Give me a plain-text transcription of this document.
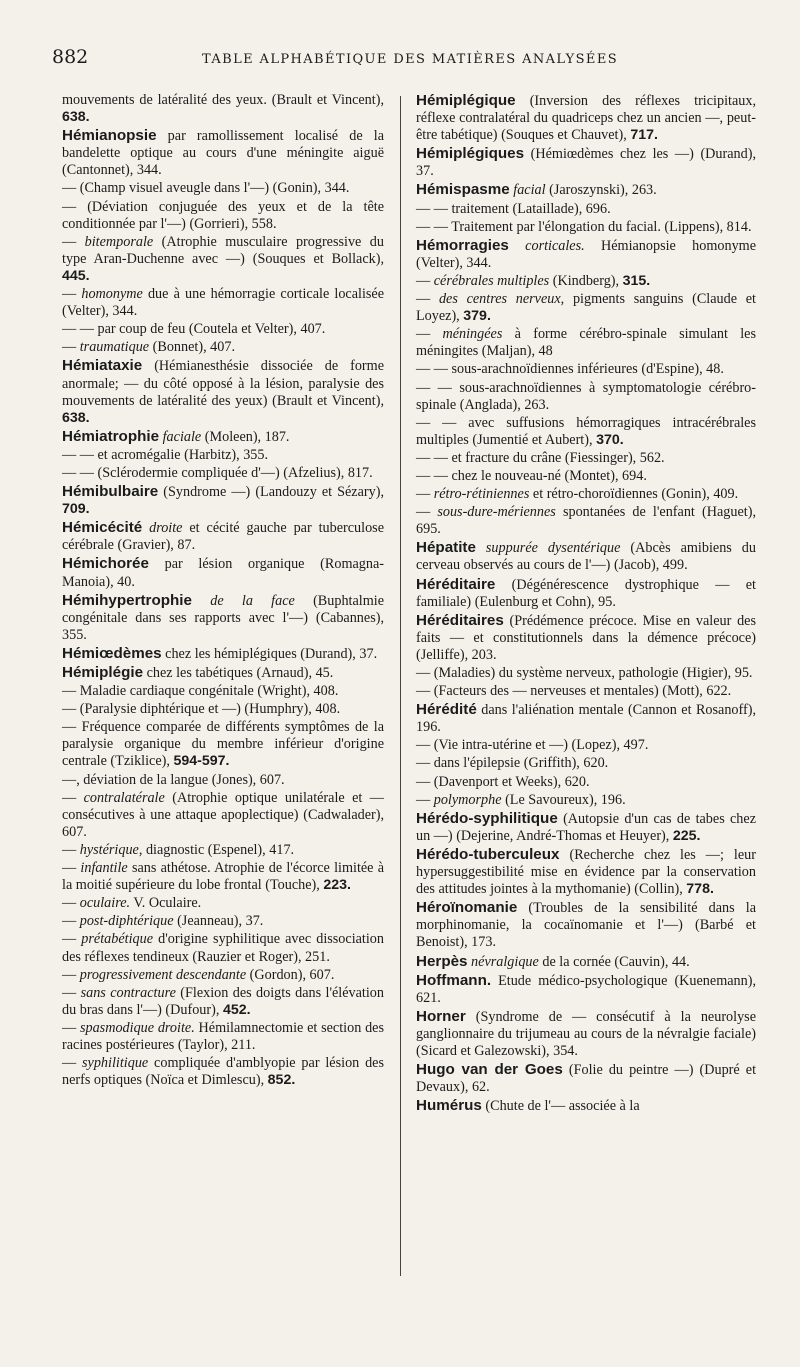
882	TABLE ALPHABÉTIQUE DES MATIÈRES ANALYSÉES
mouvements de latéralité des yeux. (Brault et Vincent), 638.
Hémianopsie par ramollissement localisé de la bandelette optique au cours d'une méningite aiguë (Cantonnet), 344.
— (Champ visuel aveugle dans l'—) (Gonin), 344.
— (Déviation conjuguée des yeux et de la tête conditionnée par l'—) (Gorrieri), 558.
— bitemporale (Atrophie musculaire progressive du type Aran-Duchenne avec —) (Souques et Bollack), 445.
— homonyme due à une hémorragie corticale localisée (Velter), 344.
— — par coup de feu (Coutela et Velter), 407.
— traumatique (Bonnet), 407.
Hémiataxie (Hémianesthésie dissociée de forme anormale; — du côté opposé à la lésion, paralysie des mouvements de latéralité des yeux) (Brault et Vincent), 638.
Hémiatrophie faciale (Moleen), 187.
— — et acromégalie (Harbitz), 355.
— — (Sclérodermie compliquée d'—) (Afzelius), 817.
Hémibulbaire (Syndrome —) (Landouzy et Sézary), 709.
Hémicécité droite et cécité gauche par tuberculose cérébrale (Gravier), 87.
Hémichorée par lésion organique (Romagna-Manoia), 40.
Hémihypertrophie de la face (Buphtalmie congénitale dans ses rapports avec l'—) (Cabannes), 355.
Hémiœdèmes chez les hémiplégiques (Durand), 37.
Hémiplégie chez les tabétiques (Arnaud), 45.
— Maladie cardiaque congénitale (Wright), 408.
— (Paralysie diphtérique et —) (Humphry), 408.
— Fréquence comparée de différents symptômes de la paralysie organique du membre inférieur d'origine centrale (Tziklice), 594-597.
—, déviation de la langue (Jones), 607.
— contralatérale (Atrophie optique unilatérale et — consécutives à une attaque apoplectique) (Cadwalader), 607.
— hystérique, diagnostic (Espenel), 417.
— infantile sans athétose. Atrophie de l'écorce limitée à la moitié supérieure du lobe frontal (Touche), 223.
— oculaire. V. Oculaire.
— post-diphtérique (Jeanneau), 37.
— prétabétique d'origine syphilitique avec dissociation des réflexes tendineux (Rauzier et Roger), 251.
— progressivement descendante (Gordon), 607.
— sans contracture (Flexion des doigts dans l'élévation du bras dans l'—) (Dufour), 452.
— spasmodique droite. Hémilamnectomie et section des racines postérieures (Taylor), 211.
— syphilitique compliquée d'amblyopie par lésion des nerfs optiques (Noïca et Dimlescu), 852.
Hémiplégique (Inversion des réflexes tricipitaux, réflexe contralatéral du quadriceps chez un ancien —, peut-être tabétique) (Souques et Chauvet), 717.
Hémiplégiques (Hémiœdèmes chez les —) (Durand), 37.
Hémispasme facial (Jaroszynski), 263.
— — traitement (Lataillade), 696.
— — Traitement par l'élongation du facial. (Lippens), 814.
Hémorragies corticales. Hémianopsie homonyme (Velter), 344.
— cérébrales multiples (Kindberg), 315.
— des centres nerveux, pigments sanguins (Claude et Loyez), 379.
— méningées à forme cérébro-spinale simulant les méningites (Maljan), 48
— — sous-arachnoïdiennes inférieures (d'Espine), 48.
— — sous-arachnoïdiennes à symptomatologie cérébro-spinale (Anglada), 263.
— — avec suffusions hémorragiques intracérébrales multiples (Jumentié et Aubert), 370.
— — et fracture du crâne (Fiessinger), 562.
— — chez le nouveau-né (Montet), 694.
— rétro-rétiniennes et rétro-choroïdiennes (Gonin), 409.
— sous-dure-mériennes spontanées de l'enfant (Haguet), 695.
Hépatite suppurée dysentérique (Abcès amibiens du cerveau observés au cours de l'—) (Jacob), 499.
Héréditaire (Dégénérescence dystrophique — et familiale) (Eulenburg et Cohn), 95.
Héréditaires (Prédémence précoce. Mise en valeur des faits — et constitutionnels dans la démence précoce) (Jelliffe), 203.
— (Maladies) du système nerveux, pathologie (Higier), 95.
— (Facteurs des — nerveuses et mentales) (Mott), 622.
Hérédité dans l'aliénation mentale (Cannon et Rosanoff), 196.
— (Vie intra-utérine et —) (Lopez), 497.
— dans l'épilepsie (Griffith), 620.
— (Davenport et Weeks), 620.
— polymorphe (Le Savoureux), 196.
Hérédo-syphilitique (Autopsie d'un cas de tabes chez un —) (Dejerine, André-Thomas et Heuyer), 225.
Hérédo-tuberculeux (Recherche chez les —; leur hypersuggestibilité mise en évidence par la conservation des attitudes jointes à la mythomanie) (Collin), 778.
Héroïnomanie (Troubles de la sensibilité dans la morphinomanie, la cocaïnomanie et l'—) (Barbé et Benoist), 173.
Herpès névralgique de la cornée (Cauvin), 44.
Hoffmann. Etude médico-psychologique (Kuenemann), 621.
Horner (Syndrome de — consécutif à la neurolyse ganglionnaire du trijumeau au cours de la névralgie faciale) (Sicard et Galezowski), 354.
Hugo van der Goes (Folie du peintre —) (Dupré et Devaux), 62.
Humérus (Chute de l'— associée à la
